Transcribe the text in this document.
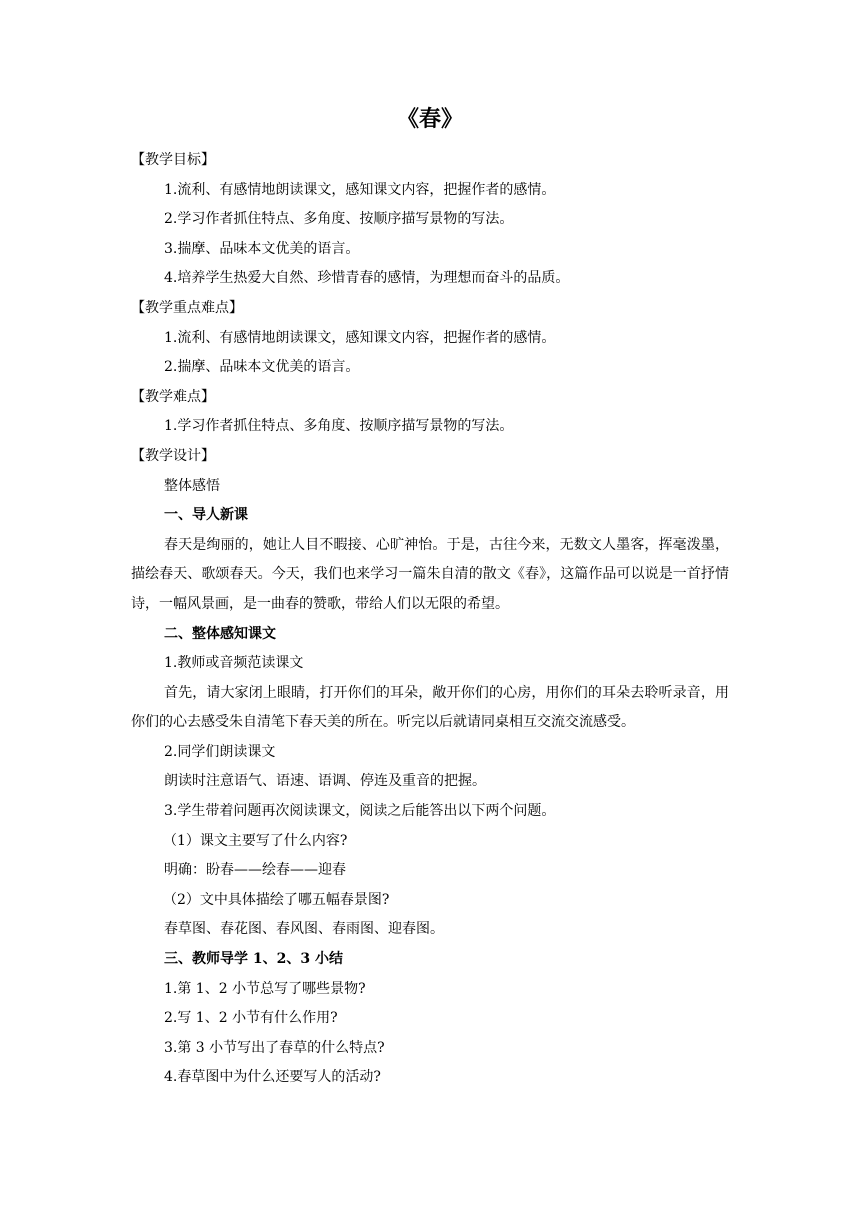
《春》

【教学目标】

1.流利、有感情地朗读课文，感知课文内容，把握作者的感情。

2.学习作者抓住特点、多角度、按顺序描写景物的写法。

3.揣摩、品味本文优美的语言。

4.培养学生热爱大自然、珍惜青春的感情，为理想而奋斗的品质。

【教学重点难点】

1.流利、有感情地朗读课文，感知课文内容，把握作者的感情。

2.揣摩、品味本文优美的语言。

【教学难点】

1.学习作者抓住特点、多角度、按顺序描写景物的写法。

【教学设计】

整体感悟

一、导人新课

春天是绚丽的，她让人目不暇接、心旷神怡。于是，古往今来，无数文人墨客，挥毫泼墨，描绘春天、歌颂春天。今天，我们也来学习一篇朱自清的散文《春》，这篇作品可以说是一首抒情诗，一幅风景画，是一曲春的赞歌，带给人们以无限的希望。

二、整体感知课文

1.教师或音频范读课文

首先，请大家闭上眼睛，打开你们的耳朵，敞开你们的心房，用你们的耳朵去聆听录音，用你们的心去感受朱自清笔下春天美的所在。听完以后就请同桌相互交流交流感受。

2.同学们朗读课文

朗读时注意语气、语速、语调、停连及重音的把握。

3.学生带着问题再次阅读课文，阅读之后能答出以下两个问题。

（1）课文主要写了什么内容?

明确：盼春——绘春——迎春

（2）文中具体描绘了哪五幅春景图?

春草图、春花图、春风图、春雨图、迎春图。

三、教师导学 1、2、3 小结

1.第 1、2 小节总写了哪些景物?

2.写 1、2 小节有什么作用?

3.第 3 小节写出了春草的什么特点?

4.春草图中为什么还要写人的活动?
